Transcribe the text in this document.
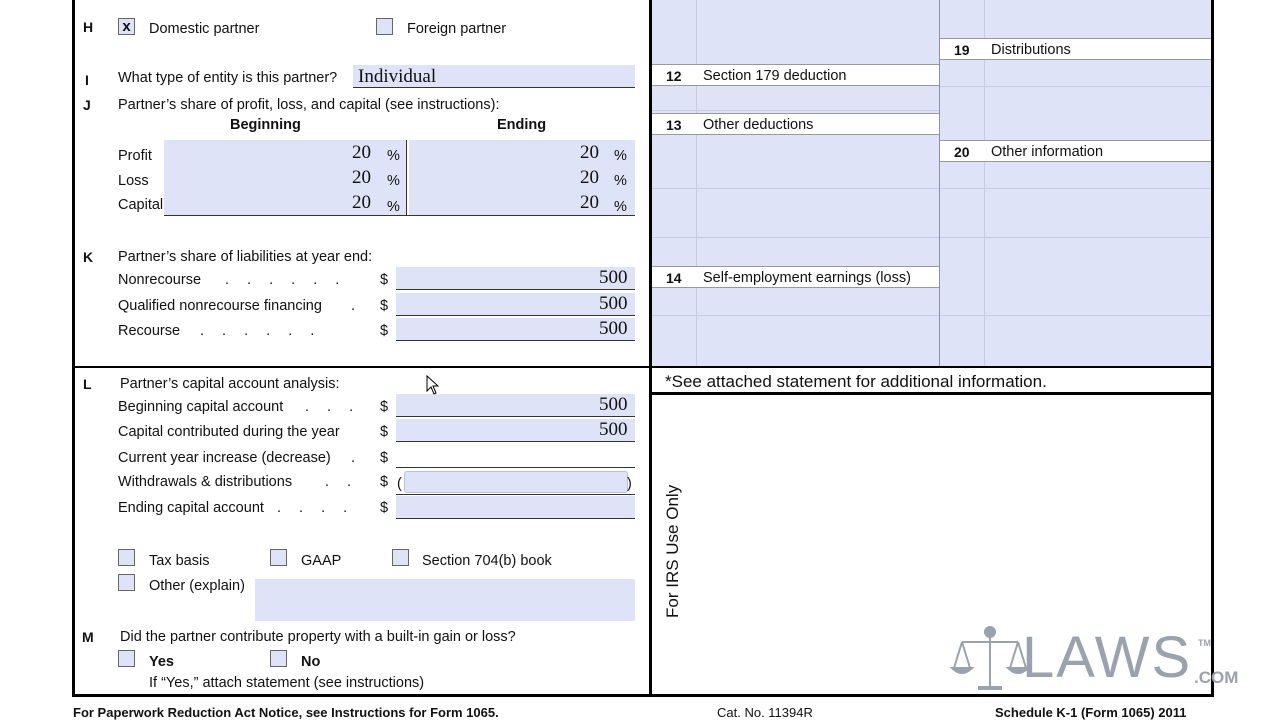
H x Domestic partner	Foreign partner
I What type of entity is this partner? Individual
J Partner’s share of profit, loss, and capital (see instructions):
Beginning	Ending
Profit	20 %	20 %
Loss	20 %	20 %
Capital	20 %	20 %
K Partner’s share of liabilities at year end:
Nonrecourse . . . . . . $	500
Qualified nonrecourse financing . $	500
Recourse . . . . . .	$	500
L Partner’s capital account analysis:
Beginning capital account . . . $	500
Capital contributed during the year	$	500
Current year increase (decrease) . $
Withdrawals & distributions . . $ (	)
Ending capital account . . . . $
Tax basis	GAAP	Section 704(b) book
Other (explain)
M Did the partner contribute property with a built-in gain or loss?
Yes	No
If “Yes,” attach statement (see instructions)
19 Distributions
12 Section 179 deduction
13 Other deductions
20 Other information
14 Self-employment earnings (loss)
*See attached statement for additional information.
For IRS Use Only
LAWS TM
.COM
For Paperwork Reduction Act Notice, see Instructions for Form 1065.	Cat. No. 11394R	Schedule K-1 (Form 1065) 2011
